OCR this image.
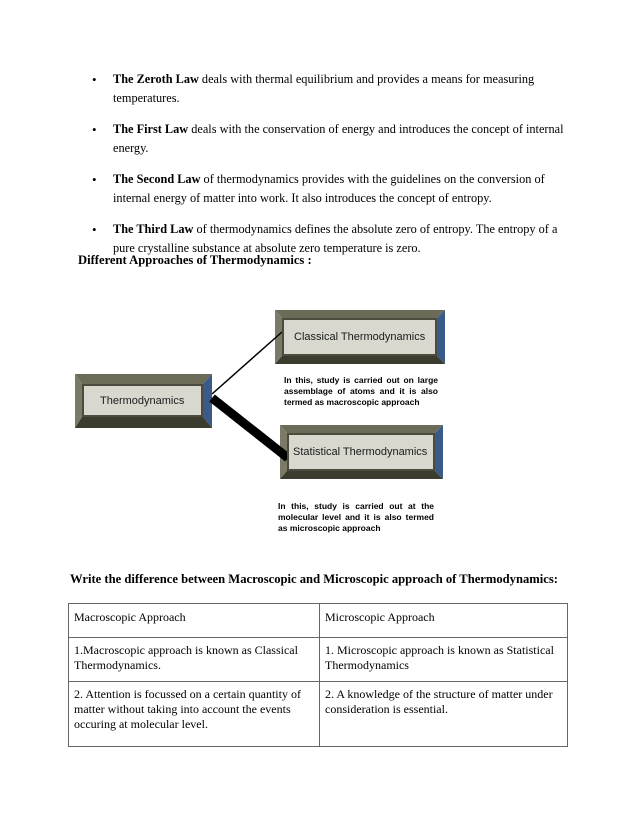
• The Zeroth Law deals with thermal equilibrium and provides a means for measuring temperatures.
• The First Law deals with the conservation of energy and introduces the concept of internal energy.
• The Second Law of thermodynamics provides with the guidelines on the conversion of internal energy of matter into work. It also introduces the concept of entropy.
• The Third Law of thermodynamics defines the absolute zero of entropy. The entropy of a pure crystalline substance at absolute zero temperature is zero.
Different Approaches of Thermodynamics :
Thermodynamics
Classical Thermodynamics
In this, study is carried out on large assemblage of atoms and it is also termed as macroscopic approach
Statistical Thermodynamics
In this, study is carried out at the molecular level and it is also termed as microscopic approach
Write the difference between Macroscopic and Microscopic approach of Thermodynamics:
Macroscopic Approach	Microscopic Approach
1.Macroscopic approach is known as Classical Thermodynamics.	1. Microscopic approach is known as Statistical Thermodynamics
2. Attention is focussed on a certain quantity of matter without taking into account the events occuring at molecular level.	2. A knowledge of the structure of matter under consideration is essential.
